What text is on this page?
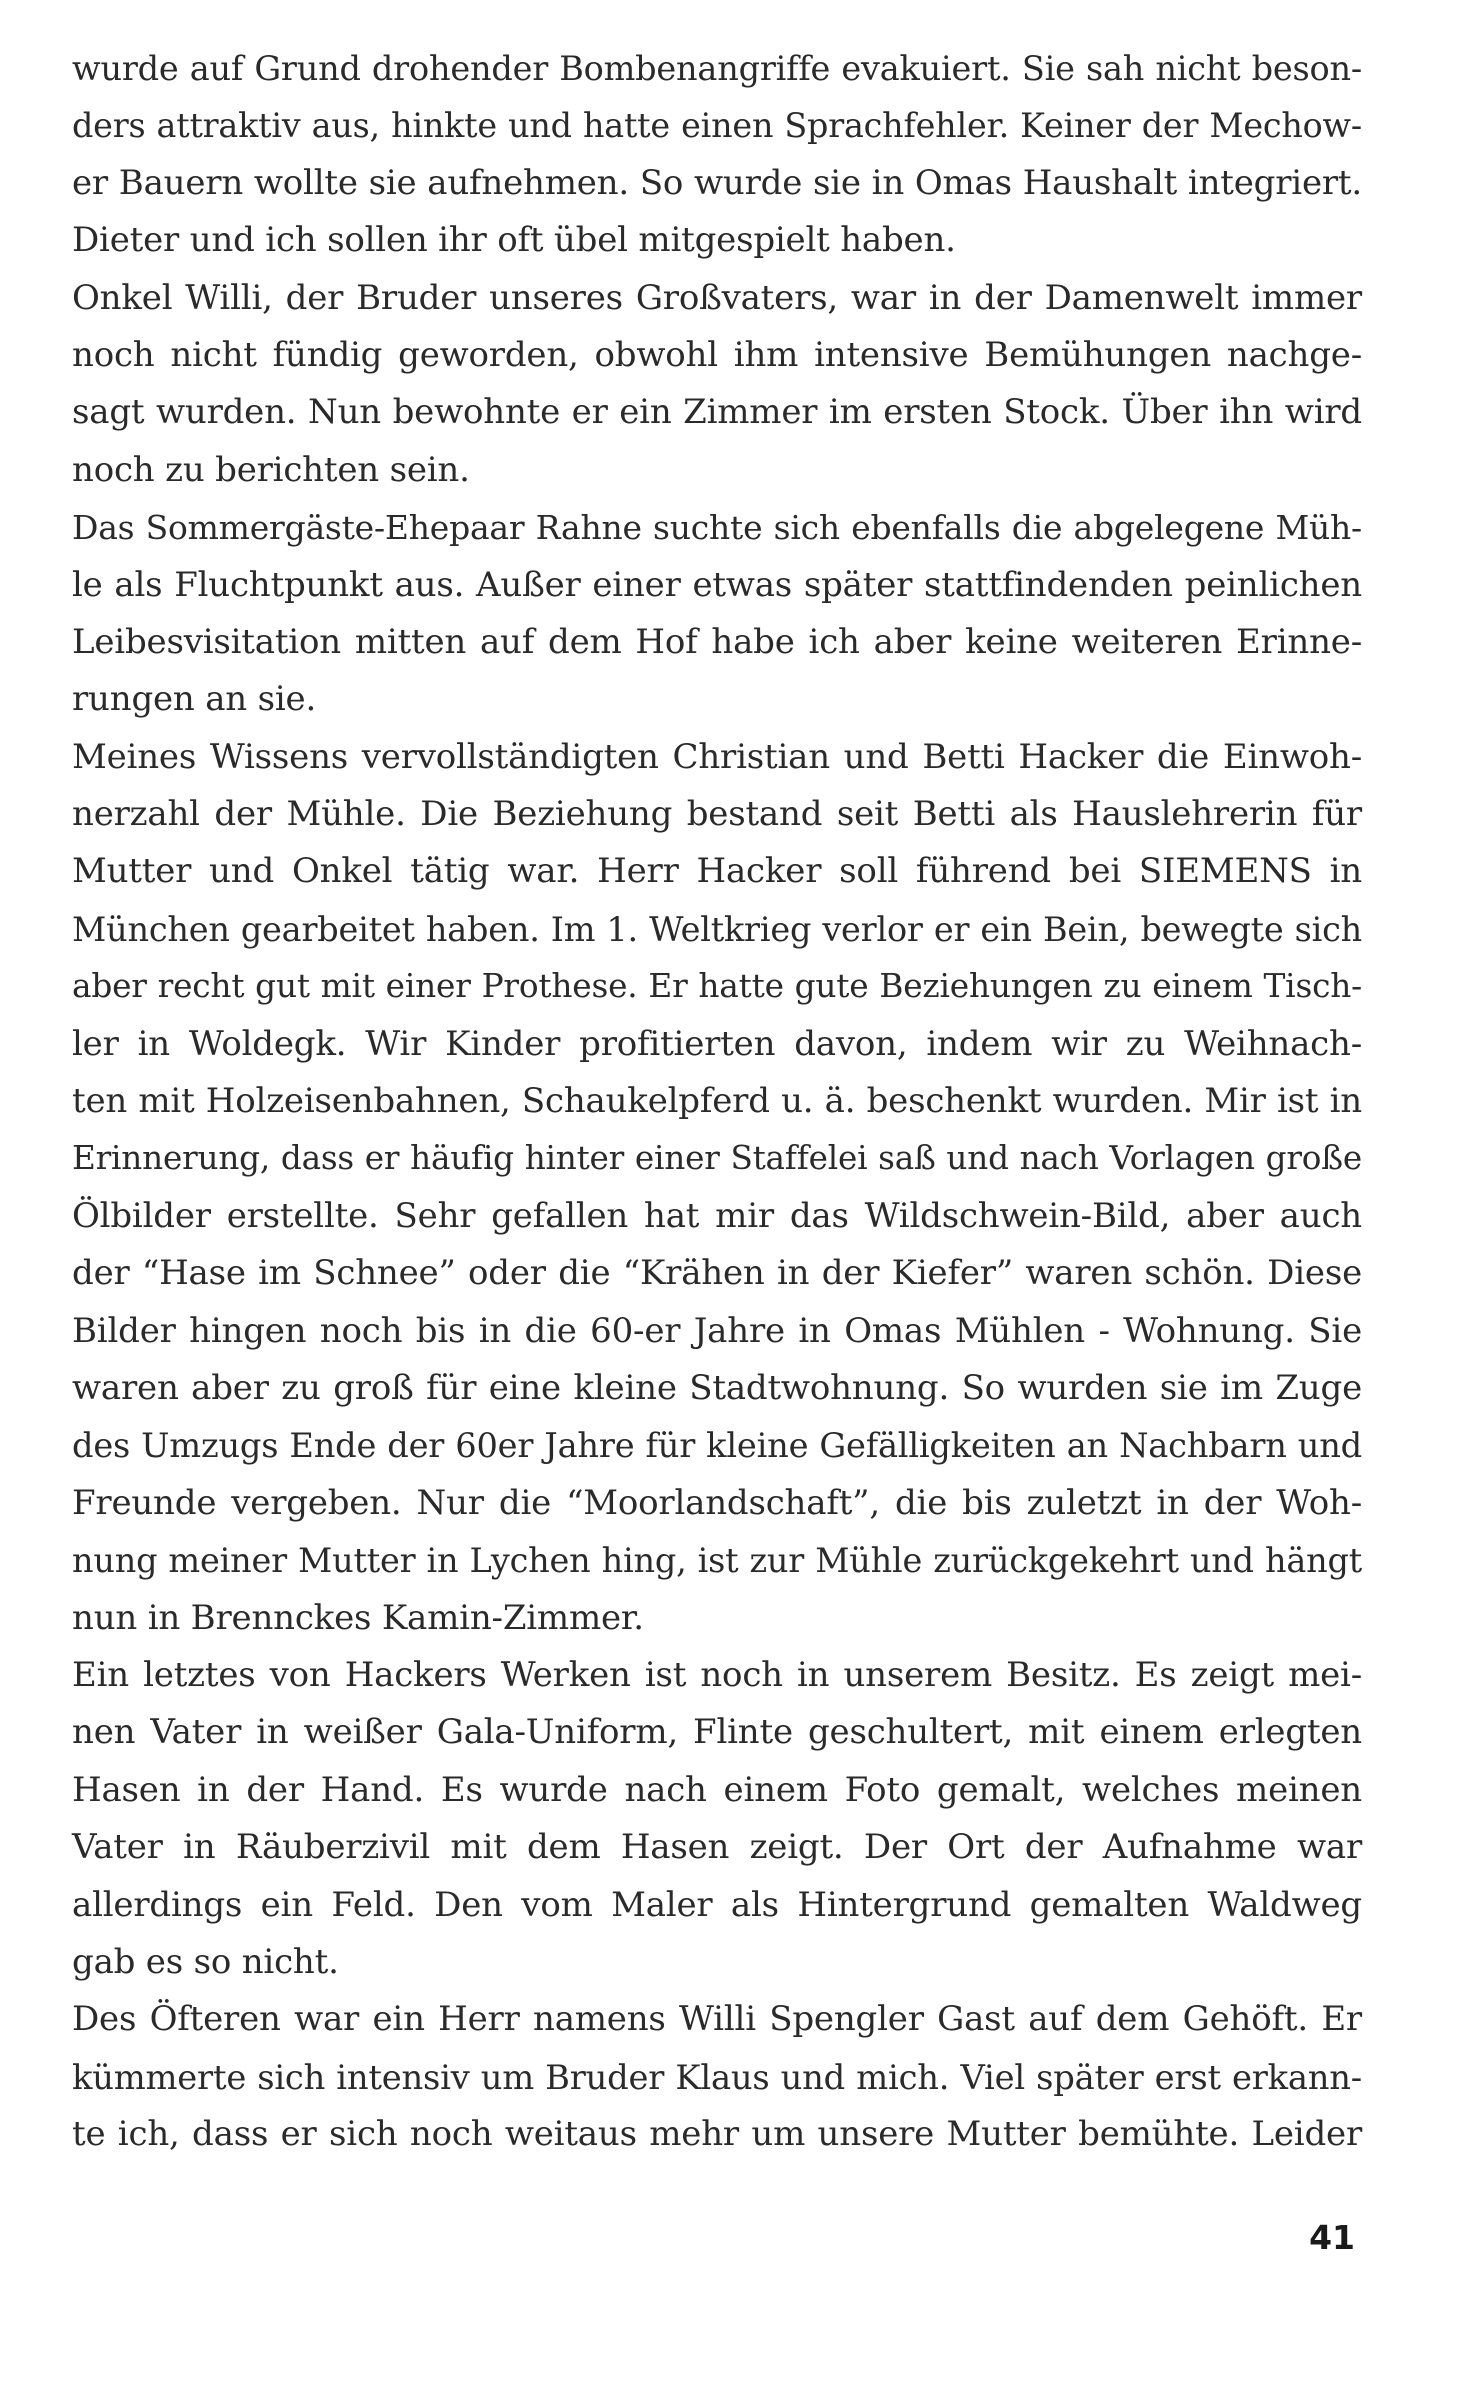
wurde auf Grund drohender Bombenangriffe evakuiert. Sie sah nicht beson-
ders attraktiv aus, hinkte und hatte einen Sprachfehler. Keiner der Mechow-
er Bauern wollte sie aufnehmen. So wurde sie in Omas Haushalt integriert.
Dieter und ich sollen ihr oft übel mitgespielt haben.
Onkel Willi, der Bruder unseres Großvaters, war in der Damenwelt immer
noch nicht fündig geworden, obwohl ihm intensive Bemühungen nachge-
sagt wurden. Nun bewohnte er ein Zimmer im ersten Stock. Über ihn wird
noch zu berichten sein.
Das Sommergäste-Ehepaar Rahne suchte sich ebenfalls die abgelegene Müh-
le als Fluchtpunkt aus. Außer einer etwas später stattfindenden peinlichen
Leibesvisitation mitten auf dem Hof habe ich aber keine weiteren Erinne-
rungen an sie.
Meines Wissens vervollständigten Christian und Betti Hacker die Einwoh-
nerzahl der Mühle. Die Beziehung bestand seit Betti als Hauslehrerin für
Mutter und Onkel tätig war. Herr Hacker soll führend bei SIEMENS in
München gearbeitet haben. Im 1. Weltkrieg verlor er ein Bein, bewegte sich
aber recht gut mit einer Prothese. Er hatte gute Beziehungen zu einem Tisch-
ler in Woldegk. Wir Kinder profitierten davon, indem wir zu Weihnach-
ten mit Holzeisenbahnen, Schaukelpferd u. ä. beschenkt wurden. Mir ist in
Erinnerung, dass er häufig hinter einer Staffelei saß und nach Vorlagen große
Ölbilder erstellte. Sehr gefallen hat mir das Wildschwein-Bild, aber auch
der “Hase im Schnee” oder die “Krähen in der Kiefer” waren schön. Diese
Bilder hingen noch bis in die 60-er Jahre in Omas Mühlen - Wohnung. Sie
waren aber zu groß für eine kleine Stadtwohnung. So wurden sie im Zuge
des Umzugs Ende der 60er Jahre für kleine Gefälligkeiten an Nachbarn und
Freunde vergeben. Nur die “Moorlandschaft”, die bis zuletzt in der Woh-
nung meiner Mutter in Lychen hing, ist zur Mühle zurückgekehrt und hängt
nun in Brennckes Kamin-Zimmer.
Ein letztes von Hackers Werken ist noch in unserem Besitz. Es zeigt mei-
nen Vater in weißer Gala-Uniform, Flinte geschultert, mit einem erlegten
Hasen in der Hand. Es wurde nach einem Foto gemalt, welches meinen
Vater in Räuberzivil mit dem Hasen zeigt. Der Ort der Aufnahme war
allerdings ein Feld. Den vom Maler als Hintergrund gemalten Waldweg
gab es so nicht.
Des Öfteren war ein Herr namens Willi Spengler Gast auf dem Gehöft. Er
kümmerte sich intensiv um Bruder Klaus und mich. Viel später erst erkann-
te ich, dass er sich noch weitaus mehr um unsere Mutter bemühte. Leider
41
